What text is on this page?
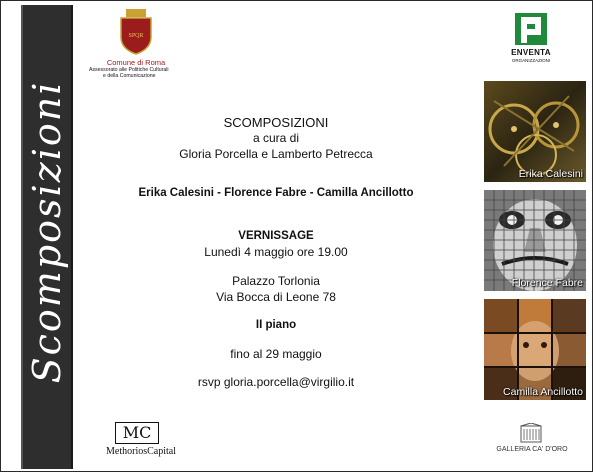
Scomposizioni
SPQR
Comune di Roma
Assessorato alle Politiche Culturali
e della Comunicazione
ENVENTA
ORGANIZZAZIONI
SCOMPOSIZIONI
a cura di
Gloria Porcella e Lamberto Petrecca
Erika Calesini - Florence Fabre - Camilla Ancillotto
VERNISSAGE
Lunedì 4 maggio ore 19.00
Palazzo Torlonia
Via Bocca di Leone 78
II piano
fino al 29 maggio
rsvp gloria.porcella@virgilio.it
Erika Calesini
Florence Fabre
Camilla Ancillotto
MC
MethoriosCapital	GALLERIA CA' D'ORO
